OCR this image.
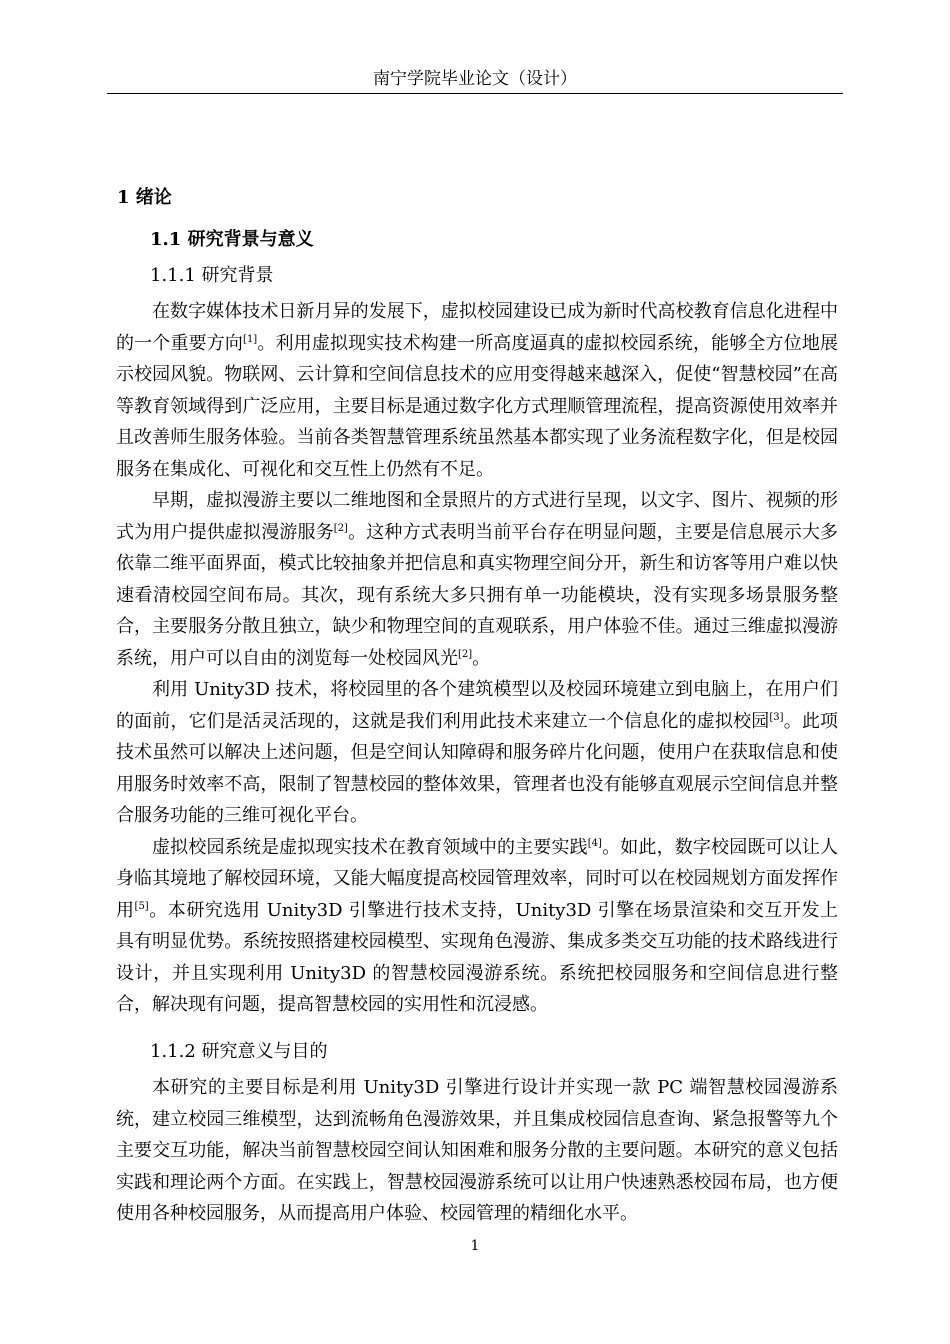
南宁学院毕业论文（设计）
1 绪论
1.1 研究背景与意义
1.1.1 研究背景

在数字媒体技术日新月异的发展下，虚拟校园建设已成为新时代高校教育信息化进程中的一个重要方向[1]。利用虚拟现实技术构建一所高度逼真的虚拟校园系统，能够全方位地展示校园风貌。物联网、云计算和空间信息技术的应用变得越来越深入，促使“智慧校园”在高等教育领域得到广泛应用，主要目标是通过数字化方式理顺管理流程，提高资源使用效率并且改善师生服务体验。当前各类智慧管理系统虽然基本都实现了业务流程数字化，但是校园服务在集成化、可视化和交互性上仍然有不足。

早期，虚拟漫游主要以二维地图和全景照片的方式进行呈现，以文字、图片、视频的形式为用户提供虚拟漫游服务[2]。这种方式表明当前平台存在明显问题，主要是信息展示大多依靠二维平面界面，模式比较抽象并把信息和真实物理空间分开，新生和访客等用户难以快速看清校园空间布局。其次，现有系统大多只拥有单一功能模块，没有实现多场景服务整合，主要服务分散且独立，缺少和物理空间的直观联系，用户体验不佳。通过三维虚拟漫游系统，用户可以自由的浏览每一处校园风光[2]。

利用 Unity3D 技术，将校园里的各个建筑模型以及校园环境建立到电脑上，在用户们的面前，它们是活灵活现的，这就是我们利用此技术来建立一个信息化的虚拟校园[3]。此项技术虽然可以解决上述问题，但是空间认知障碍和服务碎片化问题，使用户在获取信息和使用服务时效率不高，限制了智慧校园的整体效果，管理者也没有能够直观展示空间信息并整合服务功能的三维可视化平台。

虚拟校园系统是虚拟现实技术在教育领域中的主要实践[4]。如此，数字校园既可以让人身临其境地了解校园环境，又能大幅度提高校园管理效率，同时可以在校园规划方面发挥作用[5]。本研究选用 Unity3D 引擎进行技术支持，Unity3D 引擎在场景渲染和交互开发上具有明显优势。系统按照搭建校园模型、实现角色漫游、集成多类交互功能的技术路线进行设计，并且实现利用 Unity3D 的智慧校园漫游系统。系统把校园服务和空间信息进行整合，解决现有问题，提高智慧校园的实用性和沉浸感。

1.1.2 研究意义与目的

本研究的主要目标是利用 Unity3D 引擎进行设计并实现一款 PC 端智慧校园漫游系统，建立校园三维模型，达到流畅角色漫游效果，并且集成校园信息查询、紧急报警等九个主要交互功能，解决当前智慧校园空间认知困难和服务分散的主要问题。本研究的意义包括实践和理论两个方面。在实践上，智慧校园漫游系统可以让用户快速熟悉校园布局，也方便使用各种校园服务，从而提高用户体验、校园管理的精细化水平。

1
